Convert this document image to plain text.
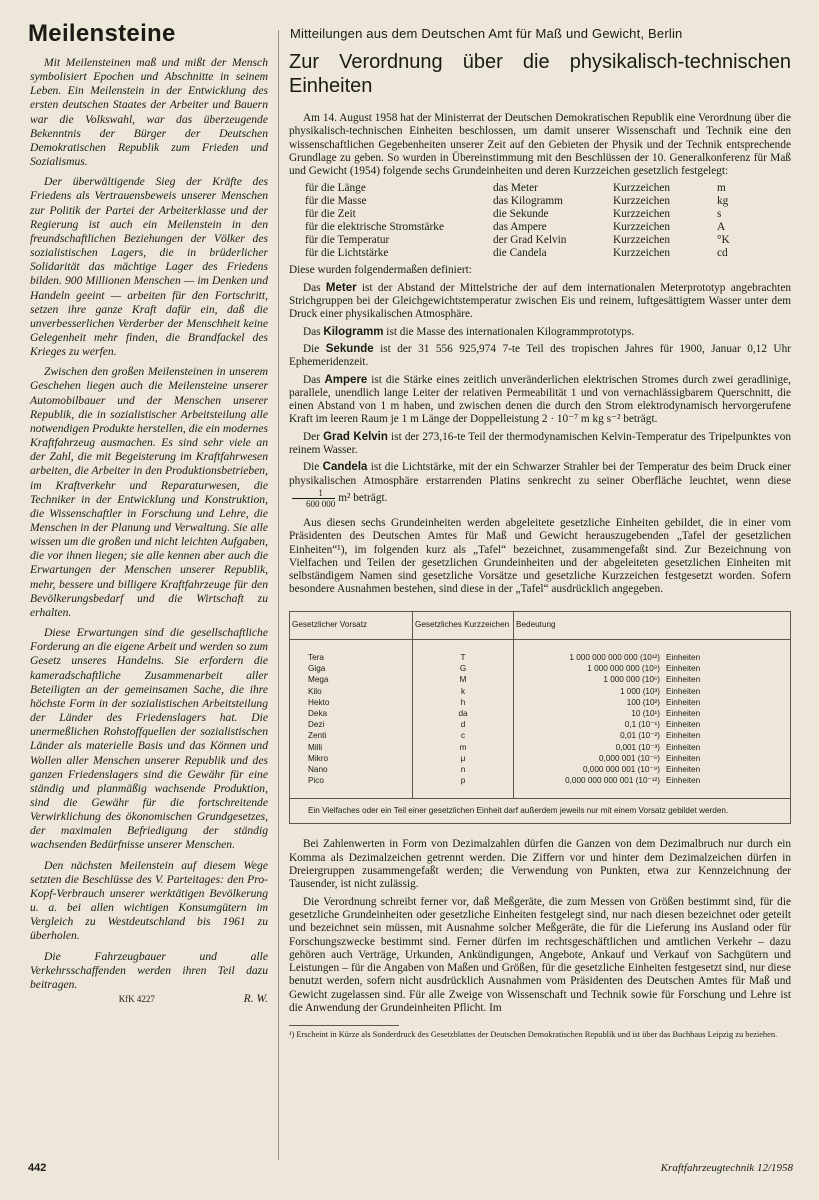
Meilensteine	Mitteilungen aus dem Deutschen Amt für Maß und Gewicht, Berlin

Mit Meilensteinen maß und mißt der Mensch symbolisiert Epochen und Abschnitte in seinem Leben. Ein Meilenstein in der Entwicklung des ersten deutschen Staates der Arbeiter und Bauern war die Volkswahl, war das überzeugende Bekenntnis der Bürger der Deutschen Demokratischen Republik zum Frieden und Sozialismus.

Der überwältigende Sieg der Kräfte des Friedens als Vertrauensbeweis unserer Menschen zur Politik der Partei der Arbeiterklasse und der Regierung ist auch ein Meilenstein in den freundschaftlichen Beziehungen der Völker des sozialistischen Lagers, die in brüderlicher Solidarität das mächtige Lager des Friedens bilden. 900 Millionen Menschen — im Denken und Handeln geeint — arbeiten für den Fortschritt, setzen ihre ganze Kraft dafür ein, daß die unverbesserlichen Verderber der Menschheit keine Gelegenheit mehr finden, die Brandfackel des Krieges zu werfen.

Zwischen den großen Meilensteinen in unserem Geschehen liegen auch die Meilensteine unserer Automobilbauer und der Menschen unserer Republik, die in sozialistischer Arbeitsteilung alle notwendigen Produkte herstellen, die ein modernes Kraftfahrzeug ausmachen. Es sind sehr viele an der Zahl, die mit Begeisterung im Kraftfahrwesen arbeiten, die Arbeiter in den Produktionsbetrieben, im Kraftverkehr und Reparaturwesen, die Techniker in der Entwicklung und Konstruktion, die Wissenschaftler in Forschung und Lehre, die Menschen in der Planung und Verwaltung. Sie alle wissen um die großen und nicht leichten Aufgaben, die vor ihnen liegen; sie alle kennen aber auch die Erwartungen der Menschen unserer Republik, mehr, bessere und billigere Kraftfahrzeuge für den Bevölkerungsbedarf und die Wirtschaft zu erhalten.

Diese Erwartungen sind die gesellschaftliche Forderung an die eigene Arbeit und werden so zum Gesetz unseres Handelns. Sie erfordern die kameradschaftliche Zusammenarbeit aller Beteiligten an der gemeinsamen Sache, die ihre höchste Form in der sozialistischen Arbeitsteilung der Länder des Friedenslagers hat. Die unermeßlichen Rohstoffquellen der sozialistischen Länder als materielle Basis und das Können und Wollen aller Menschen unserer Republik und des ganzen Friedenslagers sind die Gewähr für eine ständig und planmäßig wachsende Produktion, sind die Gewähr für die fortschreitende Verwirklichung des ökonomischen Grundgesetzes, der maximalen Befriedigung der ständig wachsenden Bedürfnisse unserer Menschen.

Den nächsten Meilenstein auf diesem Wege setzten die Beschlüsse des V. Parteitages: den Pro-Kopf-Verbrauch unserer werktätigen Bevölkerung u. a. bei allen wichtigen Konsumgütern im Vergleich zu Westdeutschland bis 1961 zu überholen.

Die Fahrzeugbauer und alle Verkehrsschaffenden werden ihren Teil dazu beitragen.

KfK 4227	R. W.
Zur Verordnung über die physikalisch-technischen Einheiten

Am 14. August 1958 hat der Ministerrat der Deutschen Demokratischen Republik eine Verordnung über die physikalisch-technischen Einheiten beschlossen, um damit unserer Wissenschaft und Technik eine den wissenschaftlichen Gegebenheiten unserer Zeit auf den Gebieten der Physik und der Technik entsprechende Grundlage zu geben. So wurden in Übereinstimmung mit den Beschlüssen der 10. Generalkonferenz für Maß und Gewicht (1954) folgende sechs Grundeinheiten und deren Kurzzeichen gesetzlich festgelegt:

für die Länge	das Meter	Kurzzeichen	m
für die Masse	das Kilogramm	Kurzzeichen	kg
für die Zeit	die Sekunde	Kurzzeichen	s
für die elektrische Stromstärke	das Ampere	Kurzzeichen	A
für die Temperatur	der Grad Kelvin	Kurzzeichen	°K
für die Lichtstärke	die Candela	Kurzzeichen	cd

Diese wurden folgendermaßen definiert:

Das Meter ist der Abstand der Mittelstriche der auf dem internationalen Meterprototyp angebrachten Strichgruppen bei der Gleichgewichtstemperatur zwischen Eis und reinem, luftgesättigtem Wasser unter dem Druck einer physikalischen Atmosphäre.

Das Kilogramm ist die Masse des internationalen Kilogrammprototyps.

Die Sekunde ist der 31 556 925,974 7-te Teil des tropischen Jahres für 1900, Januar 0,12 Uhr Ephemeridenzeit.

Das Ampere ist die Stärke eines zeitlich unveränderlichen elektrischen Stromes durch zwei geradlinige, parallele, unendlich lange Leiter der relativen Permeabilität 1 und von vernachlässigbarem Querschnitt, die einen Abstand von 1 m haben, und zwischen denen die durch den Strom elektrodynamisch hervorgerufene Kraft im leeren Raum je 1 m Länge der Doppelleistung 2 · 10⁻⁷ m kg s⁻² beträgt.

Der Grad Kelvin ist der 273,16-te Teil der thermodynamischen Kelvin-Temperatur des Tripelpunktes von reinem Wasser.

Die Candela ist die Lichtstärke, mit der ein Schwarzer Strahler bei der Temperatur des beim Druck einer physikalischen Atmosphäre erstarrenden Platins senkrecht zu seiner Oberfläche leuchtet, wenn diese
$\frac{1}{600 000} m^2$ beträgt.

Aus diesen sechs Grundeinheiten werden abgeleitete gesetzliche Einheiten gebildet, die in einer vom Präsidenten des Deutschen Amtes für Maß und Gewicht herauszugebenden „Tafel der gesetzlichen Einheiten“¹), im folgenden kurz als „Tafel“ bezeichnet, zusammengefaßt sind. Zur Bezeichnung von Vielfachen und Teilen der gesetzlichen Grundeinheiten und der abgeleiteten gesetzlichen Einheiten mit selbständigem Namen sind gesetzliche Vorsätze und gesetzliche Kurzzeichen festgesetzt worden. Sofern besondere Ausnahmen bestehen, sind diese in der „Tafel“ ausdrücklich angegeben.

Gesetzlicher Vorsatz	Gesetzliches Kurzzeichen	Bedeutung	

Tera	T	1 000 000 000 000 (10¹²)	Einheiten
Giga	G	1 000 000 000 (10⁹)	Einheiten
Mega	M	1 000 000 (10⁶)	Einheiten
Kilo	k	1 000 (10³)	Einheiten
Hekto	h	100 (10²)	Einheiten
Deka	da	10 (10¹)	Einheiten
Dezi	d	0,1 (10⁻¹)	Einheiten
Zenti	c	0,01 (10⁻²)	Einheiten
Milli	m	0,001 (10⁻³)	Einheiten
Mikro	μ	0,000 001 (10⁻⁶)	Einheiten
Nano	n	0,000 000 001 (10⁻⁹)	Einheiten
Pico	p	0,000 000 000 001 (10⁻¹²)	Einheiten

Ein Vielfaches oder ein Teil einer gesetzlichen Einheit darf außerdem jeweils nur mit einem Vorsatz gebildet werden.

Bei Zahlenwerten in Form von Dezimalzahlen dürfen die Ganzen von dem Dezimalbruch nur durch ein Komma als Dezimalzeichen getrennt werden. Die Ziffern vor und hinter dem Dezimalzeichen dürfen in Dreiergruppen zusammengefaßt werden; die Verwendung von Punkten, etwa zur Kennzeichnung der Tausender, ist nicht zulässig.

Die Verordnung schreibt ferner vor, daß Meßgeräte, die zum Messen von Größen bestimmt sind, für die gesetzliche Grundeinheiten oder gesetzliche Einheiten festgelegt sind, nur nach diesen bezeichnet oder geteilt und bezeichnet sein müssen, mit Ausnahme solcher Meßgeräte, die für die Lieferung ins Ausland oder für Forschungszwecke bestimmt sind. Ferner dürfen im rechtsgeschäftlichen und amtlichen Verkehr – dazu gehören auch Verträge, Urkunden, Ankündigungen, Angebote, Ankauf und Verkauf von Sachgütern und Leistungen – für die Angaben von Maßen und Größen, für die gesetzliche Einheiten festgesetzt sind, nur diese benutzt werden, sofern nicht ausdrücklich Ausnahmen vom Präsidenten des Deutschen Amtes für Maß und Gewicht zugelassen sind. Für alle Zweige von Wissenschaft und Technik sowie für Forschung und Lehre ist die Anwendung der Grundeinheiten Pflicht. Im

¹) Erscheint in Kürze als Sonderdruck des Gesetzblattes der Deutschen Demokratischen Republik und ist über das Buchhaus Leipzig zu beziehen.
442	Kraftfahrzeugtechnik 12/1958
